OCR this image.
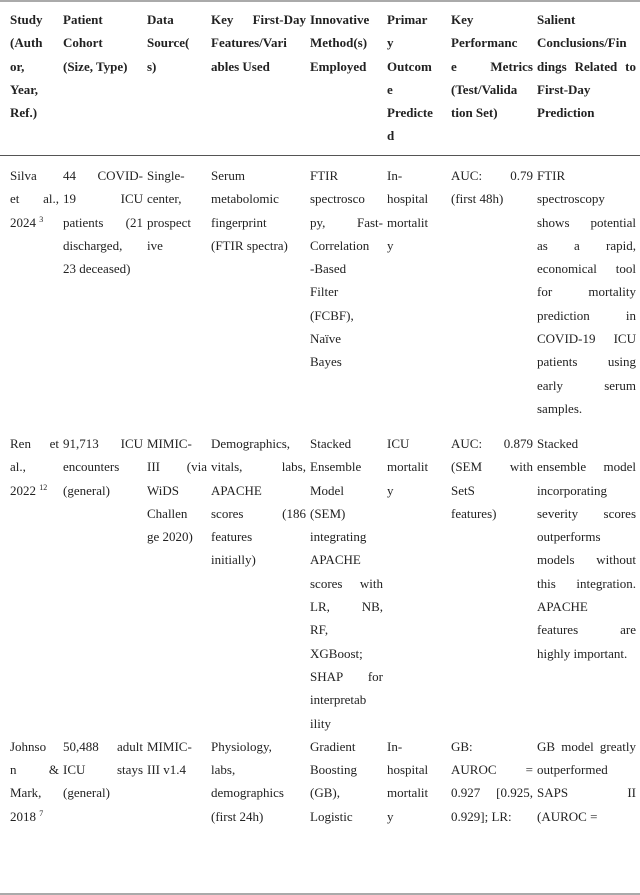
Study
(Auth
or,
Year,
Ref.)
Patient
Cohort
(Size, Type)
Data
Source(
s)
Key First-Day
Features/Vari
ables Used
Innovative
Method(s)
Employed
Primar
y
Outcom
e
Predicte
d
Key
Performanc
e Metrics
(Test/Valida
tion Set)
Salient
Conclusions/Fin
dings Related to
First-Day
Prediction
Silva
et al.,
2024 $^3$
44 COVID-
19 ICU
patients (21
discharged,
23 deceased)
Single-
center,
prospect
ive
Serum
metabolomic
fingerprint
(FTIR spectra)
FTIR
spectrosco
py, Fast-
Correlation
-Based
Filter
(FCBF),
Naïve
Bayes
In-
hospital
mortalit
y
AUC: 0.79
(first 48h)
FTIR
spectroscopy
shows potential
as a rapid,
economical tool
for mortality
prediction in
COVID-19 ICU
patients using
early serum
samples.
Ren et
al.,
2022 $^{12}$
91,713 ICU
encounters
(general)
MIMIC-
III (via
WiDS
Challen
ge 2020)
Demographics,
vitals, labs,
APACHE
scores (186
features
initially)
Stacked
Ensemble
Model
(SEM)
integrating
APACHE
scores with
LR, NB,
RF,
XGBoost;
SHAP for
interpretab
ility
ICU
mortalit
y
AUC: 0.879
(SEM with
SetS
features)
Stacked
ensemble model
incorporating
severity scores
outperforms
models without
this integration.
APACHE
features are
highly important.
Johnso
n &
Mark,
2018 $^7$
50,488 adult
ICU stays
(general)
MIMIC-
III v1.4
Physiology,
labs,
demographics
(first 24h)
Gradient
Boosting
(GB),
Logistic
In-
hospital
mortalit
y
GB:
AUROC =
0.927 [0.925,
0.929]; LR:
GB model greatly
outperformed
SAPS II
(AUROC =
